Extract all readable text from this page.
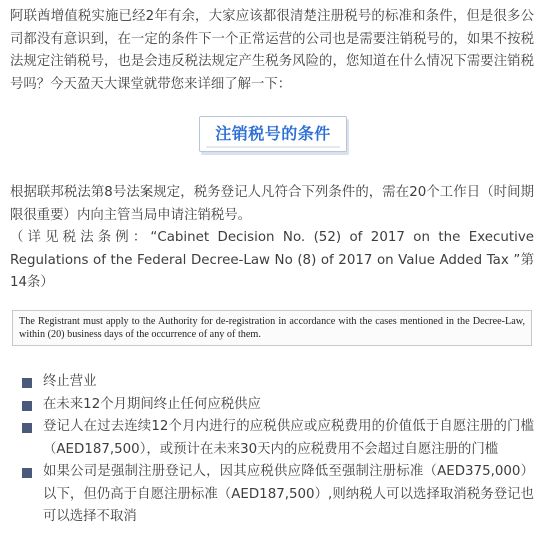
阿联酋增值税实施已经2年有余，大家应该都很清楚注册税号的标准和条件，但是很多公司都没有意识到，在一定的条件下一个正常运营的公司也是需要注销税号的，如果不按税法规定注销税号，也是会违反税法规定产生税务风险的，您知道在什么情况下需要注销税号吗？今天盈天大课堂就带您来详细了解一下：

注销税号的条件

根据联邦税法第8号法案规定，税务登记人凡符合下列条件的，需在20个工作日（时间期限很重要）内向主管当局申请注销税号。

（详见税法条例：“Cabinet Decision No. (52) of 2017 on the Executive Regulations of the Federal Decree-Law No (8) of 2017 on Value Added Tax ”第14条）

The Registrant must apply to the Authority for de-registration in accordance with the cases mentioned in the Decree-Law, within (20) business days of the occurrence of any of them.
终止营业
在未来12个月期间终止任何应税供应
登记人在过去连续12个月内进行的应税供应或应税费用的价值低于自愿注册的门槛（AED187,500），或预计在未来30天内的应税费用不会超过自愿注册的门槛
如果公司是强制注册登记人，因其应税供应降低至强制注册标准（AED375,000）以下，但仍高于自愿注册标准（AED187,500）,则纳税人可以选择取消税务登记也可以选择不取消
